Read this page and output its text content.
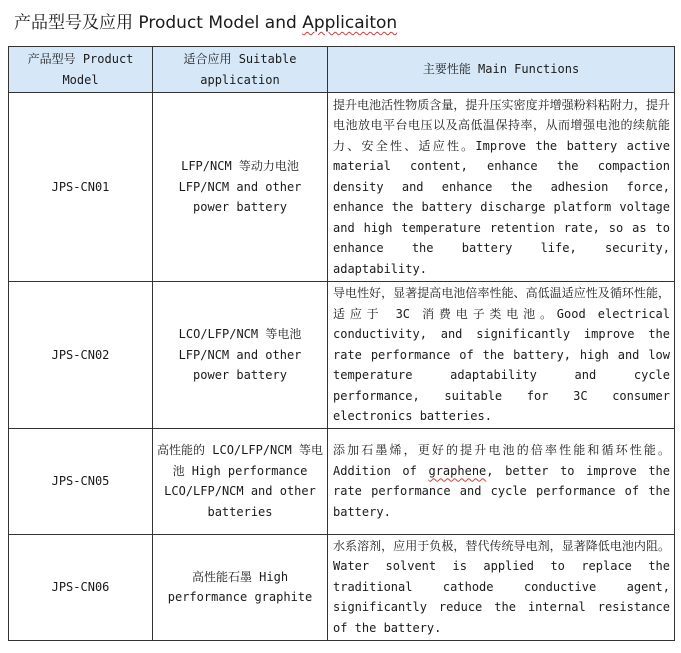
产品型号及应用 Product Model and Applicaiton
产品型号 Product Model	适合应用 Suitable application	主要性能 Main Functions
JPS-CN01	LFP/NCM 等动力电池 LFP/NCM and other power battery	提升电池活性物质含量，提升压实密度并增强粉料粘附力，提升电池放电平台电压以及高低温保持率，从而增强电池的续航能力、安全性、适应性。Improve the battery active material content, enhance the compaction density and enhance the adhesion force, enhance the battery discharge platform voltage and high temperature retention rate, so as to enhance the battery life, security, adaptability.
JPS-CN02	LCO/LFP/NCM 等电池 LFP/NCM and other power battery	导电性好，显著提高电池倍率性能、高低温适应性及循环性能，适应于 3C 消费电子类电池。Good electrical conductivity, and significantly improve the rate performance of the battery, high and low temperature adaptability and cycle performance, suitable for 3C consumer electronics batteries.
JPS-CN05	高性能的 LCO/LFP/NCM 等电池 High performance LCO/LFP/NCM and other batteries	添加石墨烯，更好的提升电池的倍率性能和循环性能。Addition of graphene, better to improve the rate performance and cycle performance of the battery.
JPS-CN06	高性能石墨 High performance graphite	水系溶剂，应用于负极，替代传统导电剂，显著降低电池内阻。Water solvent is applied to replace the traditional cathode conductive agent, significantly reduce the internal resistance of the battery.
